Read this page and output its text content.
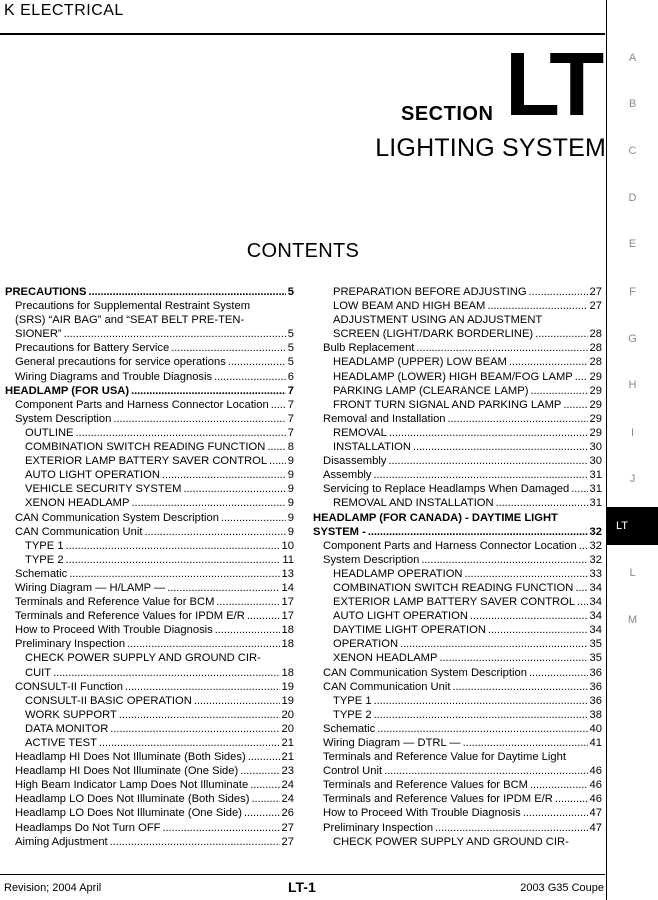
K ELECTRICAL
SECTION LT
LIGHTING SYSTEM
CONTENTS
PRECAUTIONS . . .	5
Precautions for Supplemental Restraint System
(SRS) “AIR BAG” and “SEAT BELT PRE-TEN-
SIONER” . . .	5
Precautions for Battery Service . . .	5
General precautions for service operations . . .	5
Wiring Diagrams and Trouble Diagnosis . . .	6
HEADLAMP (FOR USA) . . .	7
Component Parts and Harness Connector Location . . . 7
System Description . . .	7
OUTLINE . . .	7
COMBINATION SWITCH READING FUNCTION . . . 8
EXTERIOR LAMP BATTERY SAVER CONTROL . . . 9
AUTO LIGHT OPERATION . . .	9
VEHICLE SECURITY SYSTEM . . .	9
XENON HEADLAMP . . .	9
CAN Communication System Description . . .	9
CAN Communication Unit . . .	9
TYPE 1 . . .	10
TYPE 2 . . .	11
Schematic . . .	13
Wiring Diagram — H/LAMP — . . .	14
Terminals and Reference Value for BCM . . .	17
Terminals and Reference Values for IPDM E/R . . .	17
How to Proceed With Trouble Diagnosis . . .	18
Preliminary Inspection . . .	18
CHECK POWER SUPPLY AND GROUND CIR-
CUIT . . .	18
CONSULT-II Function . . .	19
CONSULT-II BASIC OPERATION . . .	19
WORK SUPPORT . . .	20
DATA MONITOR . . .	20
ACTIVE TEST . . .	21
Headlamp HI Does Not Illuminate (Both Sides) . . .	21
Headlamp HI Does Not Illuminate (One Side) . . .	23
High Beam Indicator Lamp Does Not Illuminate . . .	24
Headlamp LO Does Not Illuminate (Both Sides) . . .	24
Headlamp LO Does Not Illuminate (One Side) . . .	26
Headlamps Do Not Turn OFF . . .	27
Aiming Adjustment . . .	27
PREPARATION BEFORE ADJUSTING . . .	27
LOW BEAM AND HIGH BEAM . . .	27
ADJUSTMENT USING AN ADJUSTMENT
SCREEN (LIGHT/DARK BORDERLINE) . . .	28
Bulb Replacement . . .	28
HEADLAMP (UPPER) LOW BEAM . . .	28
HEADLAMP (LOWER) HIGH BEAM/FOG LAMP . . . 29
PARKING LAMP (CLEARANCE LAMP) . . .	29
FRONT TURN SIGNAL AND PARKING LAMP . . .	29
Removal and Installation . . .	29
REMOVAL . . .	29
INSTALLATION . . .	30
Disassembly . . .	30
Assembly . . .	31
Servicing to Replace Headlamps When Damaged . . . 31
REMOVAL AND INSTALLATION . . .	31
HEADLAMP (FOR CANADA) - DAYTIME LIGHT
SYSTEM - . . .	32
Component Parts and Harness Connector Location . . . 32
System Description . . .	32
HEADLAMP OPERATION . . .	33
COMBINATION SWITCH READING FUNCTION . . . 34
EXTERIOR LAMP BATTERY SAVER CONTROL . . . 34
AUTO LIGHT OPERATION . . .	34
DAYTIME LIGHT OPERATION . . .	34
OPERATION . . .	35
XENON HEADLAMP . . .	35
CAN Communication System Description . . .	36
CAN Communication Unit . . .	36
TYPE 1 . . .	36
TYPE 2 . . .	38
Schematic . . .	40
Wiring Diagram — DTRL — . . .	41
Terminals and Reference Value for Daytime Light
Control Unit . . .	46
Terminals and Reference Values for BCM . . .	46
Terminals and Reference Values for IPDM E/R . . .	46
How to Proceed With Trouble Diagnosis . . .	47
Preliminary Inspection . . .	47
CHECK POWER SUPPLY AND GROUND CIR-
A
B
C
D
E
F
G
H
I
J
LT
L
M
Revision; 2004 April	LT-1	2003 G35 Coupe
